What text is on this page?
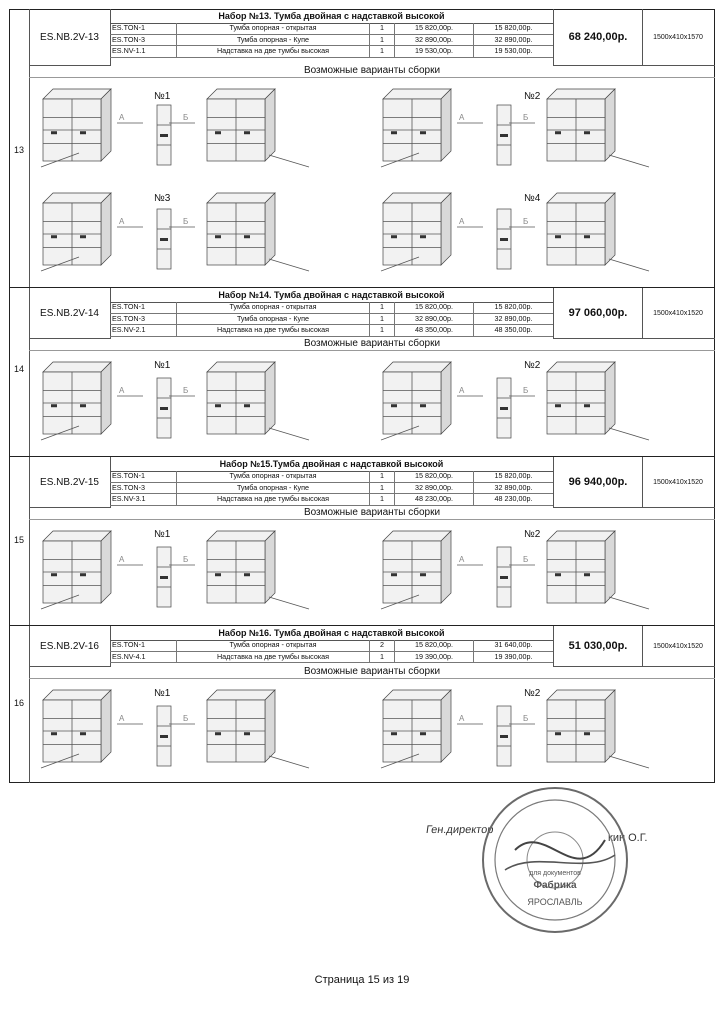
13
ES.NB.2V-13
Набор №13. Тумба двойная с надставкой высокой
ES.TON-1	Тумба опорная - открытая	1	15 820,00р.	15 820,00р.
ES.TON-3	Тумба опорная - Купе	1	32 890,00р.	32 890,00р.
ES.NV-1.1	Надставка на две тумбы высокая	1	19 530,00р.	19 530,00р.
68 240,00р.	1500x410x1570
Возможные варианты сборки
№1
А	Б
№2
А	Б
№3
А	Б
№4
А	Б
14
ES.NB.2V-14
Набор №14. Тумба двойная с надставкой высокой
ES.TON-1	Тумба опорная - открытая	1	15 820,00р.	15 820,00р.
ES.TON-3	Тумба опорная - Купе	1	32 890,00р.	32 890,00р.
ES.NV-2.1	Надставка на две тумбы высокая	1	48 350,00р.	48 350,00р.
97 060,00р.	1500x410x1520
Возможные варианты сборки
№1
А	Б
№2
А	Б
15
ES.NB.2V-15
Набор №15.Тумба двойная с надставкой высокой
ES.TON-1	Тумба опорная - открытая	1	15 820,00р.	15 820,00р.
ES.TON-3	Тумба опорная - Купе	1	32 890,00р.	32 890,00р.
ES.NV-3.1	Надставка на две тумбы высокая	1	48 230,00р.	48 230,00р.
96 940,00р.	1500x410x1520
Возможные варианты сборки
№1
А	Б
№2
А	Б
16
ES.NB.2V-16
Набор №16. Тумба двойная с надставкой высокой
ES.TON-1	Тумба опорная - открытая	2	15 820,00р.	31 640,00р.
ES.NV-4.1	Надставка на две тумбы высокая	1	19 390,00р.	19 390,00р.
51 030,00р.	1500x410x1520
Возможные варианты сборки
№1
А	Б
№2
А	Б
Ген.директор
кин О.Г.
ЯРОСЛАВЛЬ
для документов
Фабрика
Страница 15 из 19
